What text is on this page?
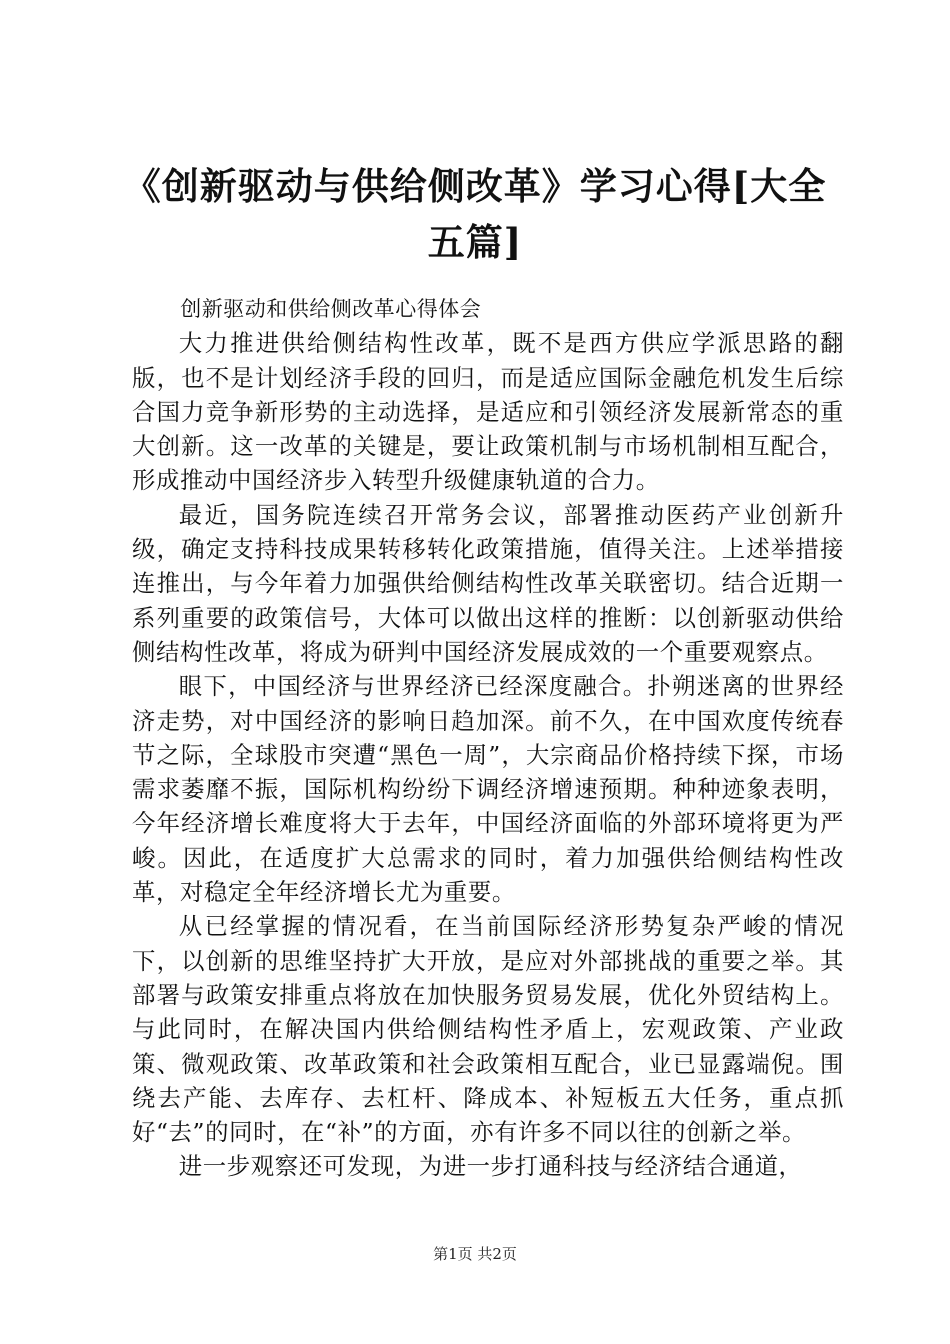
《创新驱动与供给侧改革》学习心得[大全五篇]

创新驱动和供给侧改革心得体会

大力推进供给侧结构性改革，既不是西方供应学派思路的翻版，也不是计划经济手段的回归，而是适应国际金融危机发生后综合国力竞争新形势的主动选择，是适应和引领经济发展新常态的重大创新。这一改革的关键是，要让政策机制与市场机制相互配合，形成推动中国经济步入转型升级健康轨道的合力。

最近，国务院连续召开常务会议，部署推动医药产业创新升级，确定支持科技成果转移转化政策措施，值得关注。上述举措接连推出，与今年着力加强供给侧结构性改革关联密切。结合近期一系列重要的政策信号，大体可以做出这样的推断：以创新驱动供给侧结构性改革，将成为研判中国经济发展成效的一个重要观察点。

眼下，中国经济与世界经济已经深度融合。扑朔迷离的世界经济走势，对中国经济的影响日趋加深。前不久，在中国欢度传统春节之际，全球股市突遭“黑色一周”，大宗商品价格持续下探，市场需求萎靡不振，国际机构纷纷下调经济增速预期。种种迹象表明，今年经济增长难度将大于去年，中国经济面临的外部环境将更为严峻。因此，在适度扩大总需求的同时，着力加强供给侧结构性改革，对稳定全年经济增长尤为重要。

从已经掌握的情况看，在当前国际经济形势复杂严峻的情况下，以创新的思维坚持扩大开放，是应对外部挑战的重要之举。其部署与政策安排重点将放在加快服务贸易发展，优化外贸结构上。与此同时，在解决国内供给侧结构性矛盾上，宏观政策、产业政策、微观政策、改革政策和社会政策相互配合，业已显露端倪。围绕去产能、去库存、去杠杆、降成本、补短板五大任务，重点抓好“去”的同时，在“补”的方面，亦有许多不同以往的创新之举。

进一步观察还可发现，为进一步打通科技与经济结合通道，

第1页 共2页
